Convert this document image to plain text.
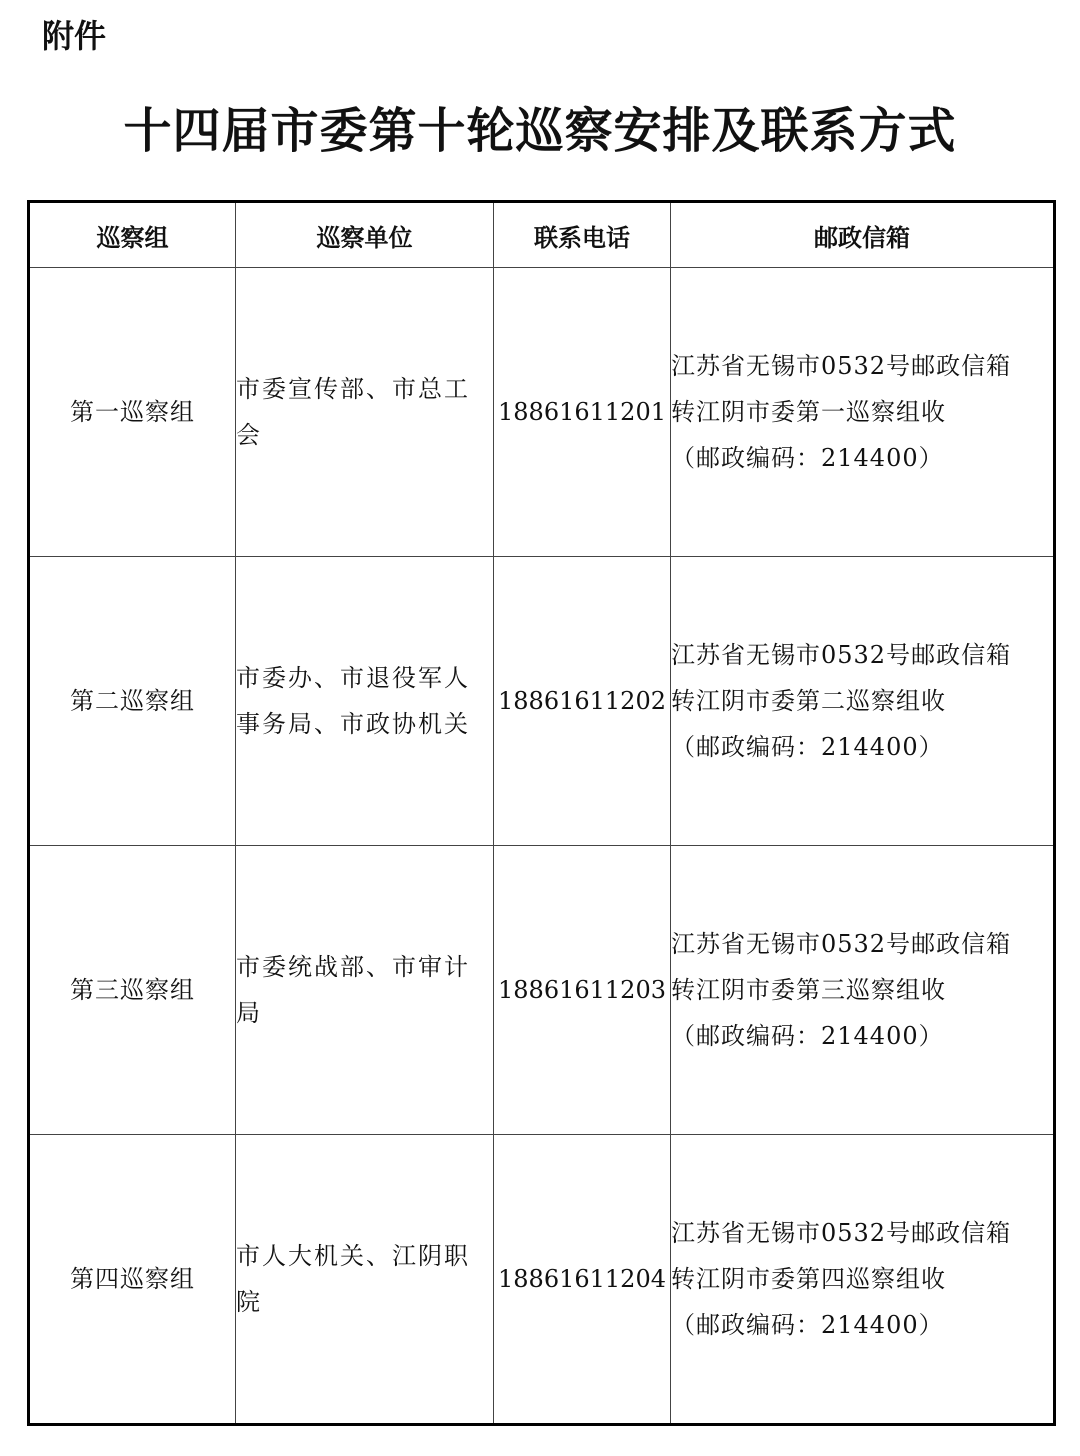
附件
十四届市委第十轮巡察安排及联系方式
巡察组	巡察单位	联系电话	邮政信箱
第一巡察组	市委宣传部、市总工会	18861611201	江苏省无锡市0532号邮政信箱
转江阴市委第一巡察组收
（邮政编码：214400）

第二巡察组	市委办、市退役军人事务局、市政协机关	18861611202	江苏省无锡市0532号邮政信箱
转江阴市委第二巡察组收
（邮政编码：214400）

第三巡察组	市委统战部、市审计局	18861611203	江苏省无锡市0532号邮政信箱
转江阴市委第三巡察组收
（邮政编码：214400）

第四巡察组	市人大机关、江阴职院	18861611204	江苏省无锡市0532号邮政信箱
转江阴市委第四巡察组收
（邮政编码：214400）
